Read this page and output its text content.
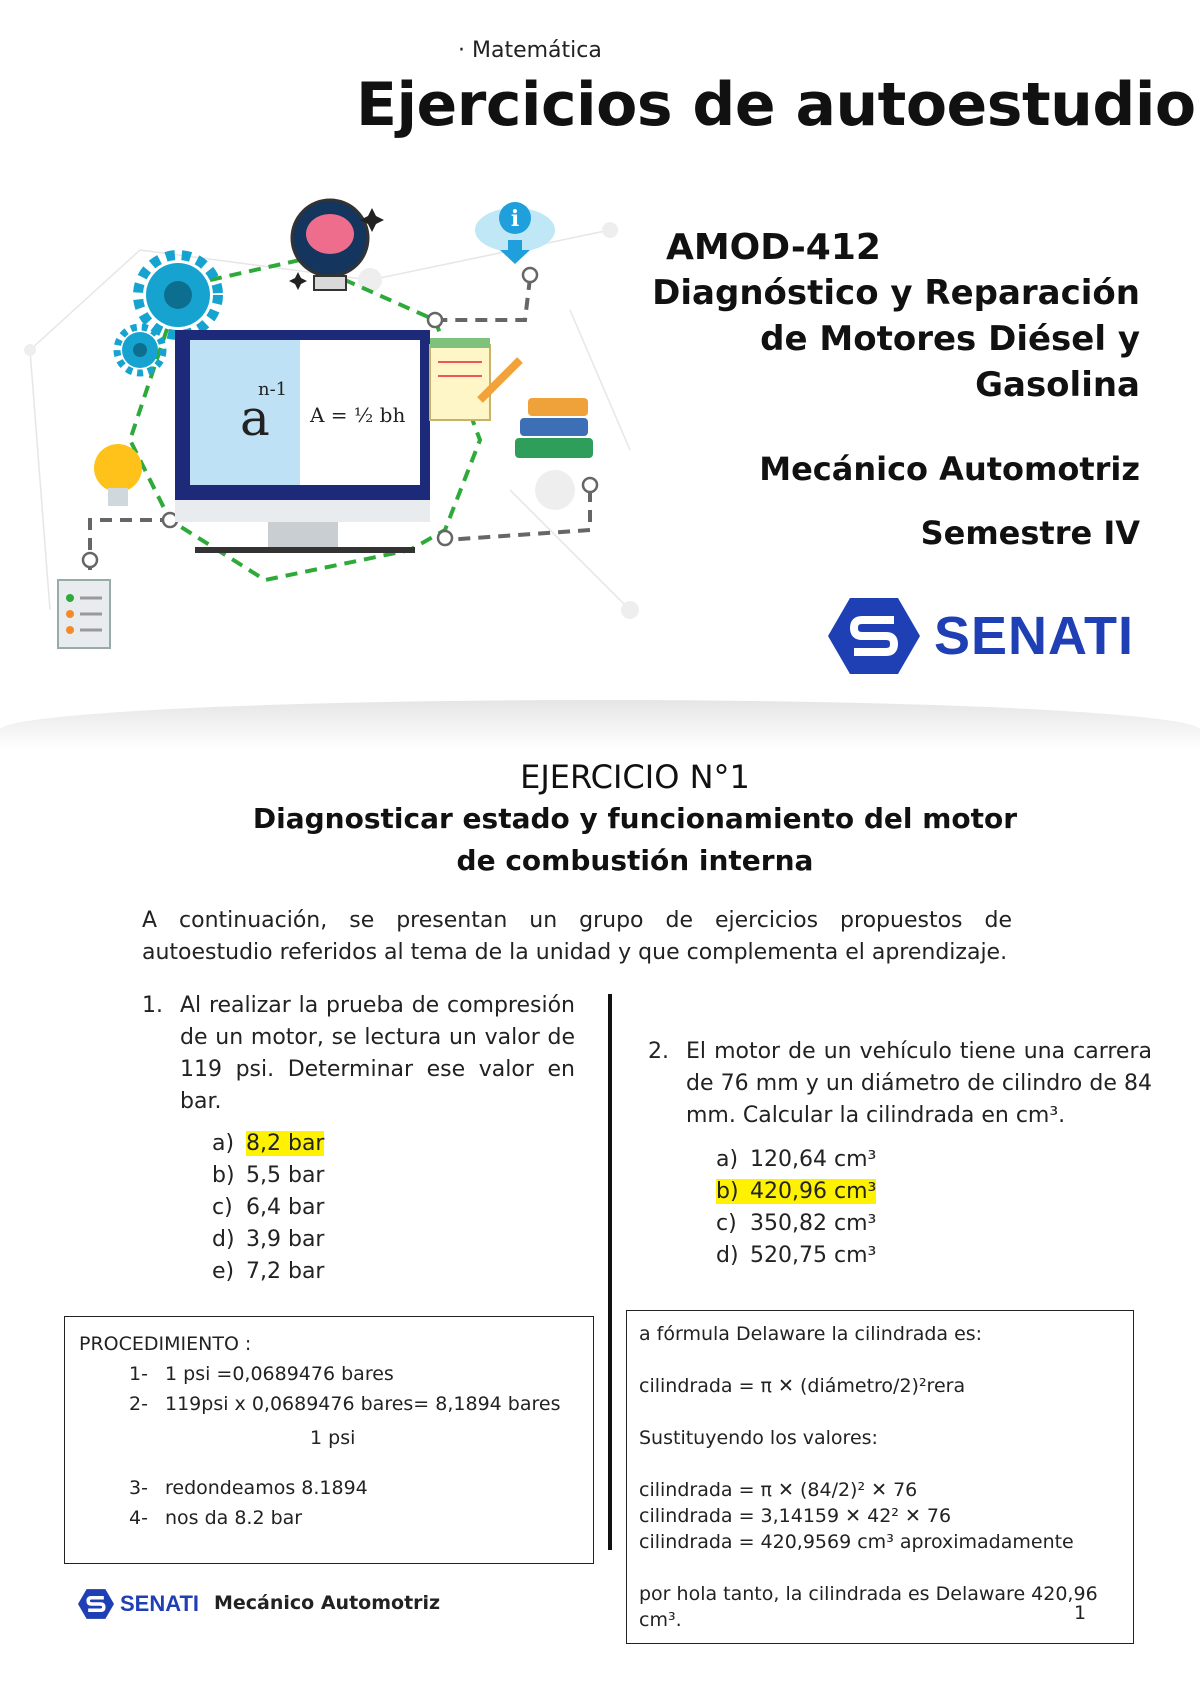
· Matemática
Ejercicios de autoestudio
i
a
n-1
A = ½ bh
AMOD-412
Diagnóstico y Reparación
de Motores Diésel y
Gasolina
Mecánico Automotriz
Semestre IV
SENATI
EJERCICIO N°1
Diagnosticar estado y funcionamiento del motor
de combustión interna

A continuación, se presentan un grupo de ejercicios propuestos de autoestudio referidos al tema de la unidad y que complementa el aprendizaje.

1. Al realizar la prueba de compresión de un motor, se lectura un valor de 119 psi. Determinar ese valor en bar.

a) 8,2 bar
b) 5,5 bar
c) 6,4 bar
d) 3,9 bar
e) 7,2 bar
2. El motor de un vehículo tiene una carrera de 76 mm y un diámetro de cilindro de 84 mm. Calcular la cilindrada en cm³.

a) 120,64 cm³
b) 420,96 cm³
c) 350,82 cm³
d) 520,75 cm³
PROCEDIMIENTO :
1- 1 psi =0,0689476 bares
2- 119psi x 0,0689476 bares= 8,1894 bares
1 psi
3- redondeamos 8.1894
4- nos da 8.2 bar

a fórmula Delaware la cilindrada es:

cilindrada = π ✕ (diámetro/2)²rera

Sustituyendo los valores:

cilindrada = π ✕ (84/2)² ✕ 76

cilindrada = 3,14159 ✕ 42² ✕ 76

cilindrada = 420,9569 cm³ aproximadamente

por hola tanto, la cilindrada es Delaware 420,96

cm³.

SENATI Mecánico Automotriz	1
